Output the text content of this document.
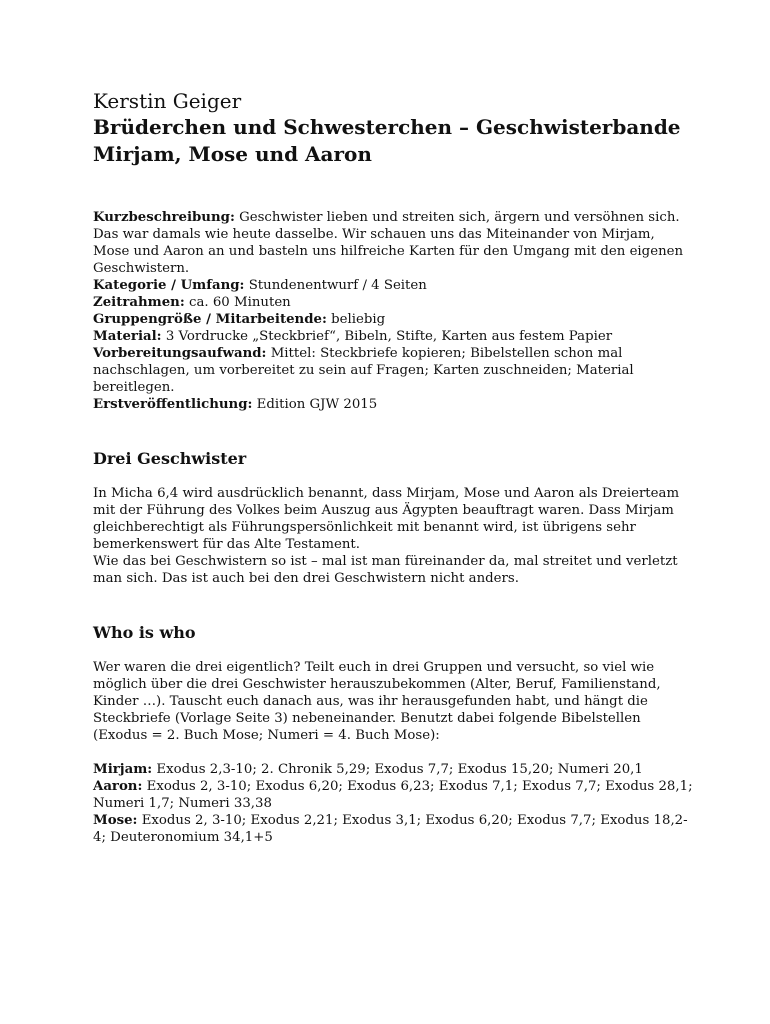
Kerstin Geiger

Brüderchen und Schwesterchen – Geschwisterbande

Mirjam, Mose und Aaron

Kurzbeschreibung: Geschwister lieben und streiten sich, ärgern und versöhnen sich. Das war damals wie heute dasselbe. Wir schauen uns das Miteinander von Mirjam, Mose und Aaron an und basteln uns hilfreiche Karten für den Umgang mit den eigenen Geschwistern.

Kategorie / Umfang: Stundenentwurf / 4 Seiten

Zeitrahmen: ca. 60 Minuten

Gruppengröße / Mitarbeitende: beliebig

Material: 3 Vordrucke „Steckbrief“, Bibeln, Stifte, Karten aus festem Papier

Vorbereitungsaufwand: Mittel: Steckbriefe kopieren; Bibelstellen schon mal nachschlagen, um vorbereitet zu sein auf Fragen; Karten zuschneiden; Material bereitlegen.

Erstveröffentlichung: Edition GJW 2015

Drei Geschwister

In Micha 6,4 wird ausdrücklich benannt, dass Mirjam, Mose und Aaron als Dreierteam mit der Führung des Volkes beim Auszug aus Ägypten beauftragt waren. Dass Mirjam gleichberechtigt als Führungspersönlichkeit mit benannt wird, ist übrigens sehr bemerkenswert für das Alte Testament.

Wie das bei Geschwistern so ist – mal ist man füreinander da, mal streitet und verletzt man sich. Das ist auch bei den drei Geschwistern nicht anders.

Who is who

Wer waren die drei eigentlich? Teilt euch in drei Gruppen und versucht, so viel wie möglich über die drei Geschwister herauszubekommen (Alter, Beruf, Familienstand, Kinder …). Tauscht euch danach aus, was ihr herausgefunden habt, und hängt die Steckbriefe (Vorlage Seite 3) nebeneinander. Benutzt dabei folgende Bibelstellen (Exodus = 2. Buch Mose; Numeri = 4. Buch Mose):

Mirjam: Exodus 2,3-10; 2. Chronik 5,29; Exodus 7,7; Exodus 15,20; Numeri 20,1

Aaron: Exodus 2, 3-10; Exodus 6,20; Exodus 6,23; Exodus 7,1; Exodus 7,7; Exodus 28,1; Numeri 1,7; Numeri 33,38

Mose: Exodus 2, 3-10; Exodus 2,21; Exodus 3,1; Exodus 6,20; Exodus 7,7; Exodus 18,2-4; Deuteronomium 34,1+5
